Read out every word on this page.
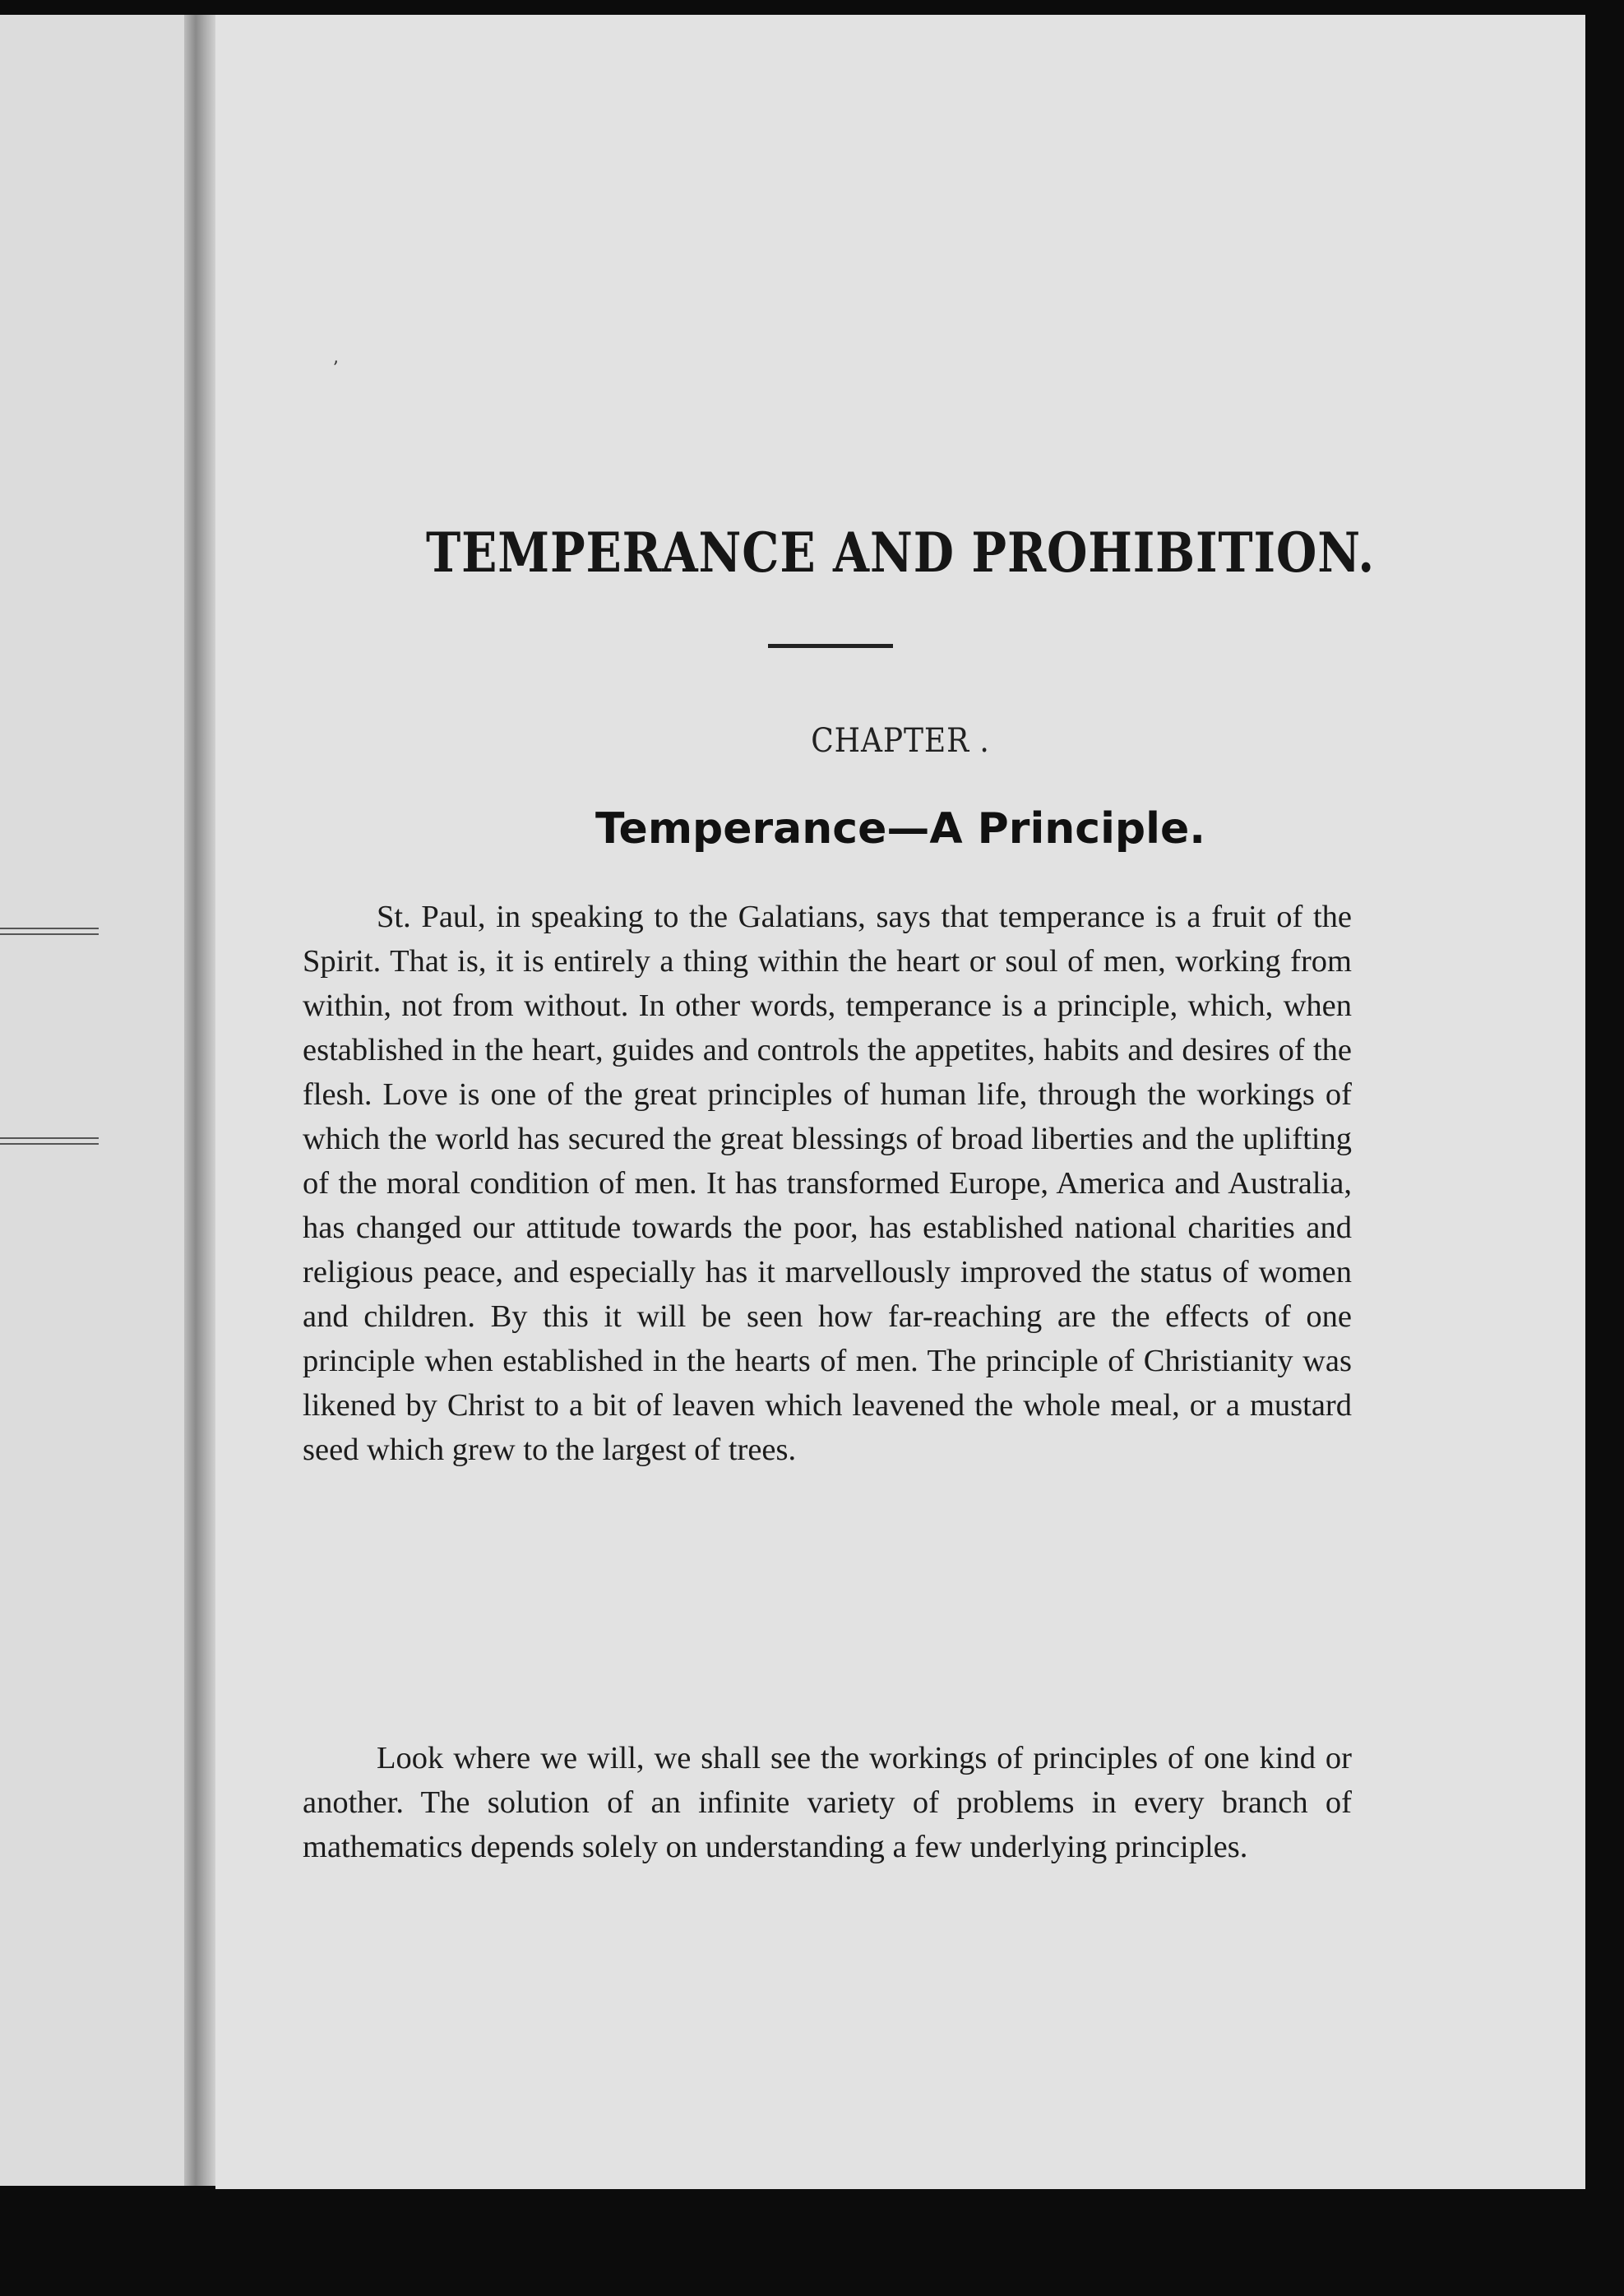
ʼ
TEMPERANCE AND PROHIBITION.
CHAPTER .
Temperance—A Principle.

St. Paul, in speaking to the Galatians, says that temperance is a fruit of the Spirit. That is, it is entirely a thing within the heart or soul of men, working from within, not from without. In other words, temperance is a principle, which, when established in the heart, guides and controls the appetites, habits and desires of the flesh. Love is one of the great principles of human life, through the workings of which the world has secured the great blessings of broad liberties and the uplifting of the moral condition of men. It has transformed Europe, America and Australia, has changed our attitude towards the poor, has established national charities and religious peace, and especially has it marvellously improved the status of women and children. By this it will be seen how far-reaching are the effects of one principle when established in the hearts of men. The principle of Christianity was likened by Christ to a bit of leaven which leavened the whole meal, or a mustard seed which grew to the largest of trees.

Look where we will, we shall see the workings of principles of one kind or another. The solution of an infinite variety of problems in every branch of mathematics depends solely on understanding a few underlying principles.
